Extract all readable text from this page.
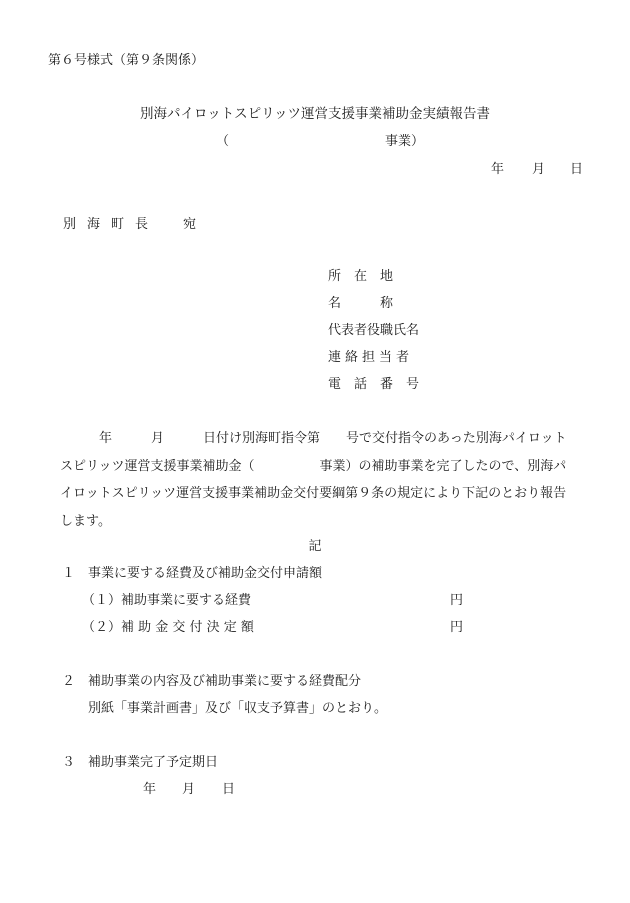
第６号様式（第９条関係）
別海パイロットスピリッツ運営支援事業補助金実績報告書
（	事業）
年 月 日
別海町長　宛
所　在　地
名　　　称
代表者役職氏名
連絡担当者
電話番号

　　　年　　　月　　　日付け別海町指令第　　号で交付指令のあった別海パイロット

スピリッツ運営支援事業補助金（　　　　　事業）の補助事業を完了したので、別海パ

イロットスピリッツ運営支援事業補助金交付要綱第９条の規定により下記のとおり報告

します。

記
１　事業に要する経費及び補助金交付申請額
（１）補助事業に要する経費	円
（２）補 助 金 交 付 決 定 額	円
２　補助事業の内容及び補助事業に要する経費配分
別紙「事業計画書」及び「収支予算書」のとおり。
３　補助事業完了予定期日
年 月 日
